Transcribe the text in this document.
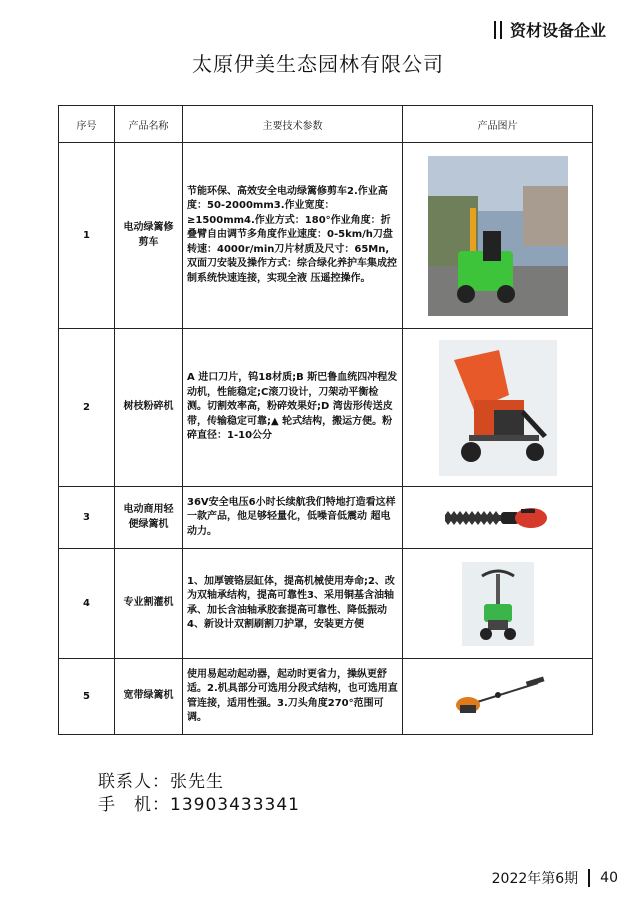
资材设备企业
太原伊美生态园林有限公司
序号	产品名称	主要技术参数	产品图片
1	电动绿篱修剪车	节能环保、高效安全电动绿篱修剪车2.作业高度：50-2000mm3.作业宽度：≥1500mm4.作业方式：180°作业角度：折叠臂自由调节多角度作业速度：0-5km/h刀盘转速：4000r/min刀片材质及尺寸：65Mn,双面刀安装及操作方式：综合绿化养护车集成控制系统快速连接，实现全液 压遥控操作。	

2	树枝粉碎机	A 进口刀片，钨18材质;B 斯巴鲁血统四冲程发动机，性能稳定;C滚刀设计，刀架动平衡检测。切割效率高，粉碎效果好;D 湾齿形传送皮带，传输稳定可靠;▲ 轮式结构，搬运方便。粉碎直径：1-10公分	

3	电动商用轻便绿篱机	36V安全电压6小时长续航我们特地打造看这样一款产品，他足够轻量化，低噪音低震动 超电动力。	

4	专业割灌机	1、加厚镀铬层缸体，提高机械使用寿命;2、改为双轴承结构，提高可靠性3、采用铜基含油轴承、加长含油轴承胶套提高可靠性、降低振动4、新设计双割刷割刀护罩，安装更方便	

5	宽带绿篱机	使用易起动起动器，起动时更省力，操纵更舒适。2.机具部分可选用分段式结构，也可选用直管连接，适用性强。3.刀头角度270°范围可调。	
联系人：张先生
手　机：13903433341
2022年第6期 40
